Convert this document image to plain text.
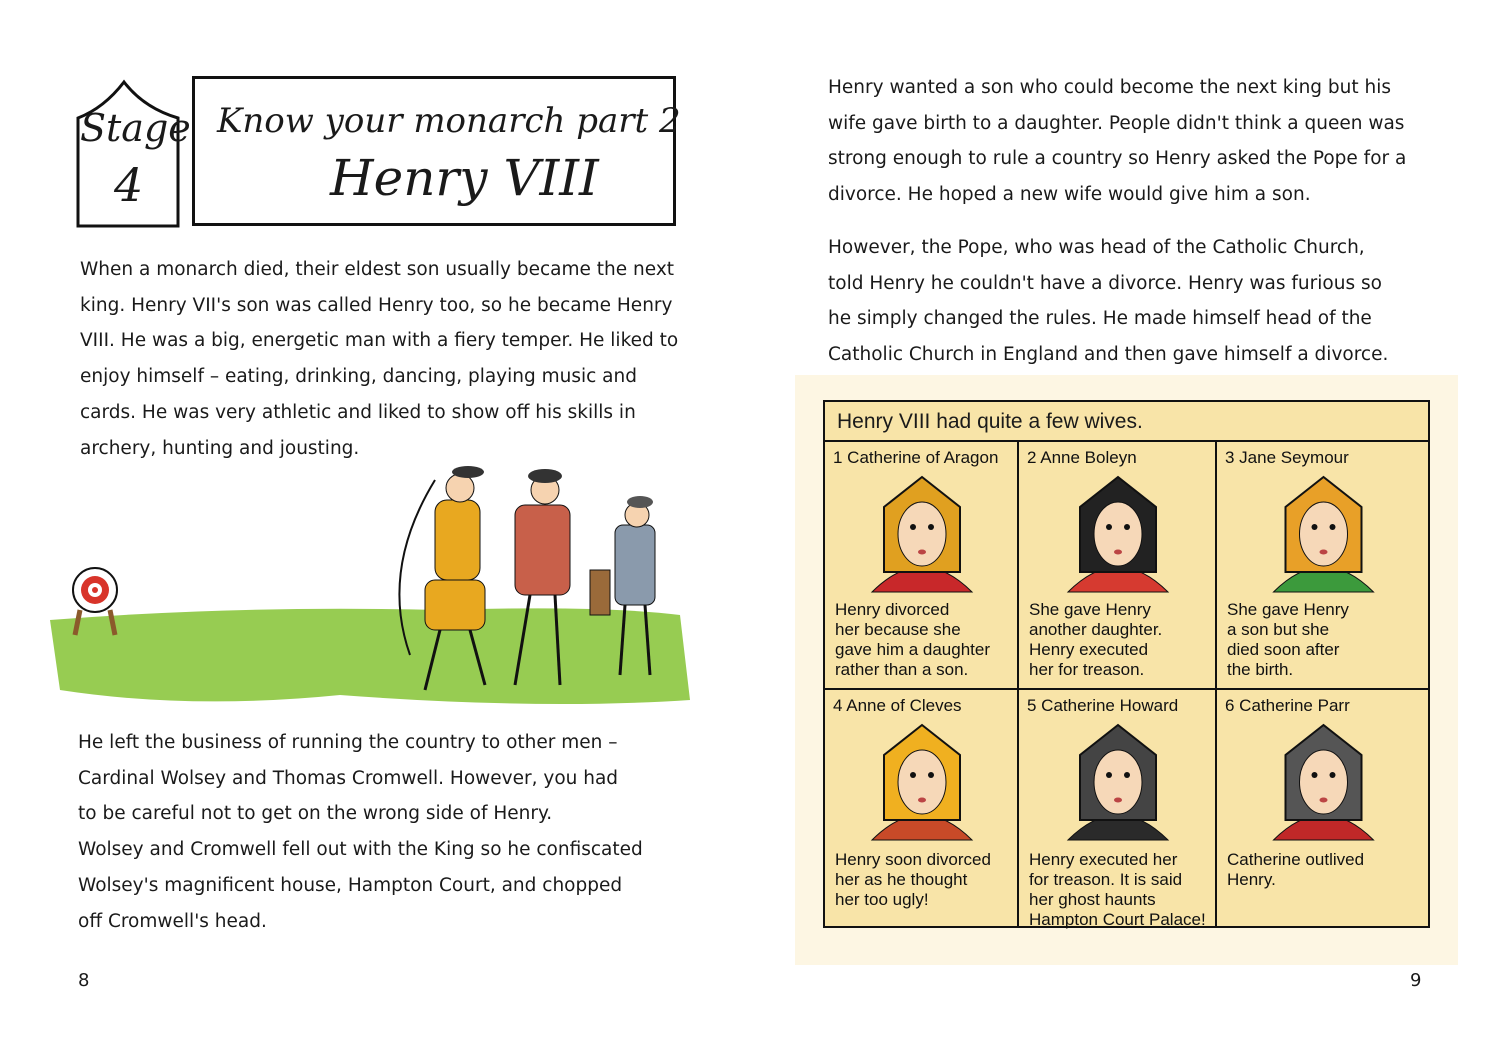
Stage
4
Know your monarch part 2
Henry VIII
When a monarch died, their eldest son usually became the next
king. Henry VII's son was called Henry too, so he became Henry
VIII. He was a big, energetic man with a fiery temper. He liked to
enjoy himself – eating, drinking, dancing, playing music and
cards. He was very athletic and liked to show off his skills in
archery, hunting and jousting.
He left the business of running the country to other men –
Cardinal Wolsey and Thomas Cromwell. However, you had
to be careful not to get on the wrong side of Henry.
Wolsey and Cromwell fell out with the King so he confiscated
Wolsey's magnificent house, Hampton Court, and chopped
off Cromwell's head.
8
Henry wanted a son who could become the next king but his
wife gave birth to a daughter. People didn't think a queen was
strong enough to rule a country so Henry asked the Pope for a
divorce. He hoped a new wife would give him a son.
However, the Pope, who was head of the Catholic Church,
told Henry he couldn't have a divorce. Henry was furious so
he simply changed the rules. He made himself head of the
Catholic Church in England and then gave himself a divorce.
Henry VIII had quite a few wives.
1 Catherine of Aragon
Henry divorced
her because she
gave him a daughter
rather than a son.
2 Anne Boleyn
She gave Henry
another daughter.
Henry executed
her for treason.
3 Jane Seymour
She gave Henry
a son but she
died soon after
the birth.
4 Anne of Cleves
Henry soon divorced
her as he thought
her too ugly!
5 Catherine Howard
Henry executed her
for treason. It is said
her ghost haunts
Hampton Court Palace!
6 Catherine Parr
Catherine outlived
Henry.
9
